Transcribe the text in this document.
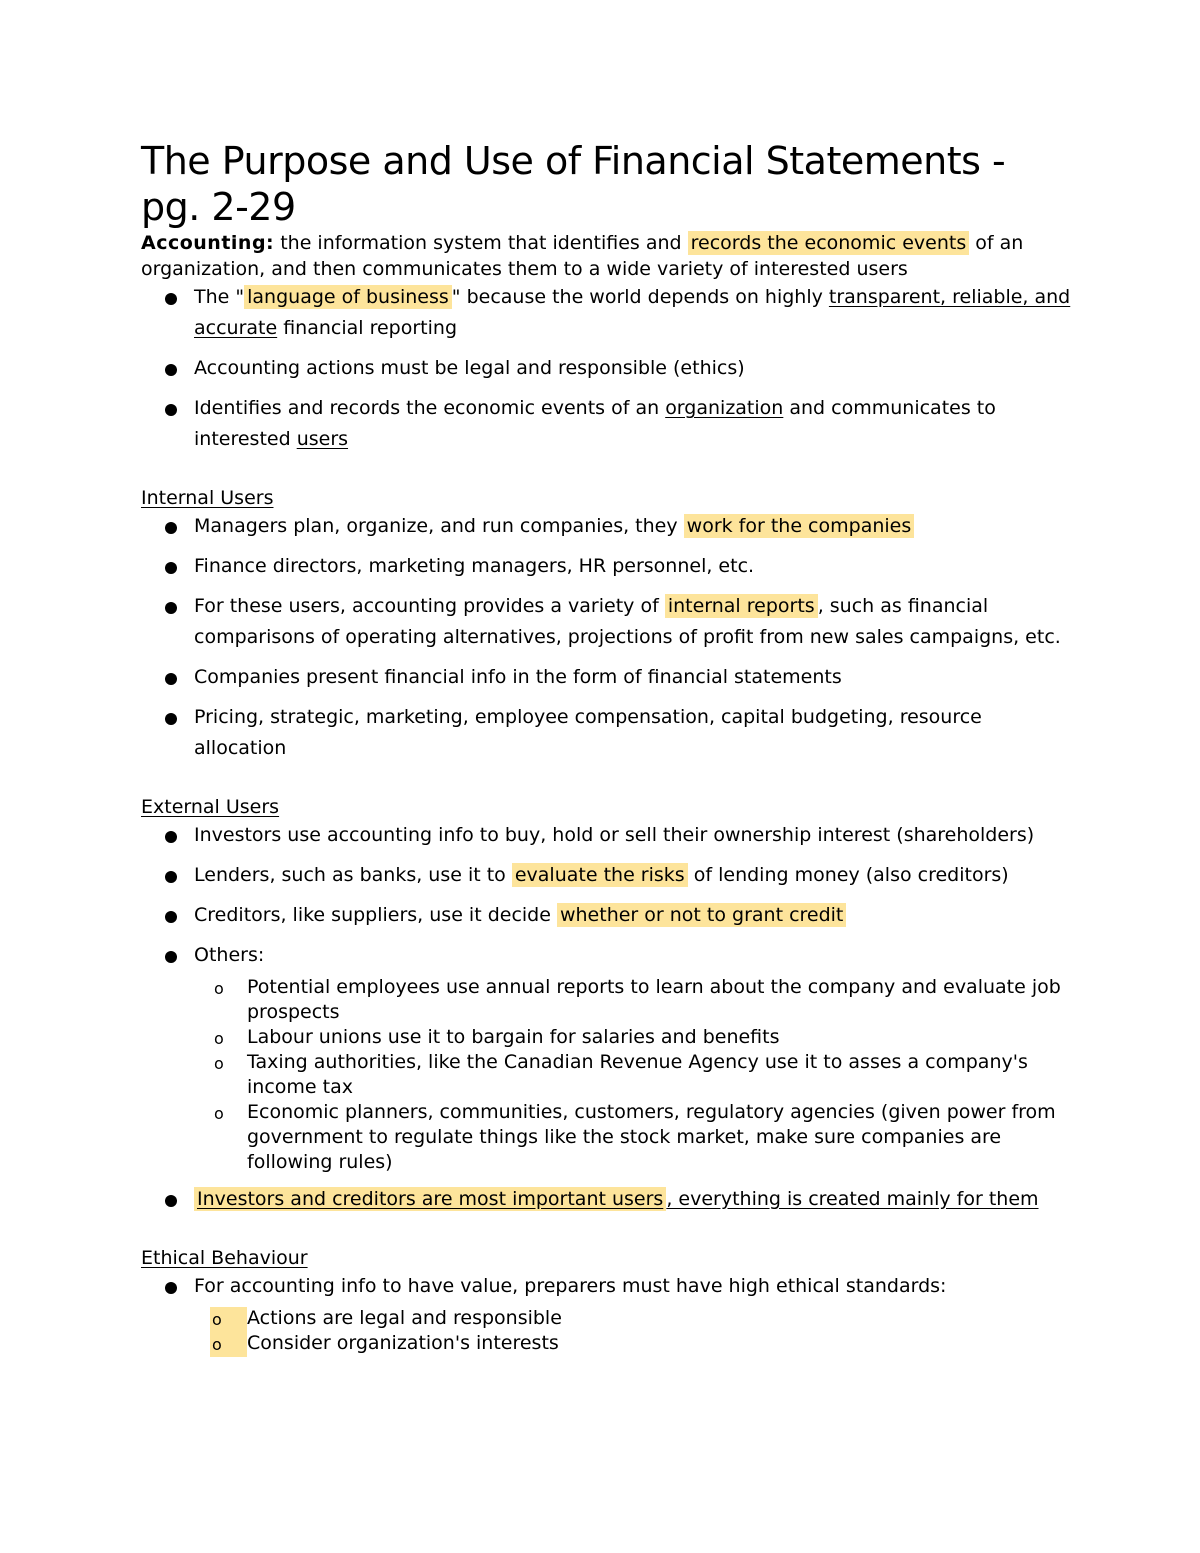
The Purpose and Use of Financial Statements - pg. 2-29

Accounting: the information system that identifies and records the economic events of an organization, and then communicates them to a wide variety of interested users

The " language of business " because the world depends on highly transparent, reliable, and accurate financial reporting
Accounting actions must be legal and responsible (ethics)
Identifies and records the economic events of an organization and communicates to interested users

Internal Users

Managers plan, organize, and run companies, they work for the companies
Finance directors, marketing managers, HR personnel, etc.
For these users, accounting provides a variety of internal reports , such as financial comparisons of operating alternatives, projections of profit from new sales campaigns, etc.
Companies present financial info in the form of financial statements
Pricing, strategic, marketing, employee compensation, capital budgeting, resource allocation

External Users

Investors use accounting info to buy, hold or sell their ownership interest (shareholders)
Lenders, such as banks, use it to evaluate the risks of lending money (also creditors)
Creditors, like suppliers, use it decide whether or not to grant credit
Others:
o Potential employees use annual reports to learn about the company and evaluate job prospects
o Labour unions use it to bargain for salaries and benefits
o Taxing authorities, like the Canadian Revenue Agency use it to asses a company's income tax
o Economic planners, communities, customers, regulatory agencies (given power from government to regulate things like the stock market, make sure companies are following rules)
Investors and creditors are most important users , everything is created mainly for them

Ethical Behaviour

For accounting info to have value, preparers must have high ethical standards:
o Actions are legal and responsible
o Consider organization's interests
